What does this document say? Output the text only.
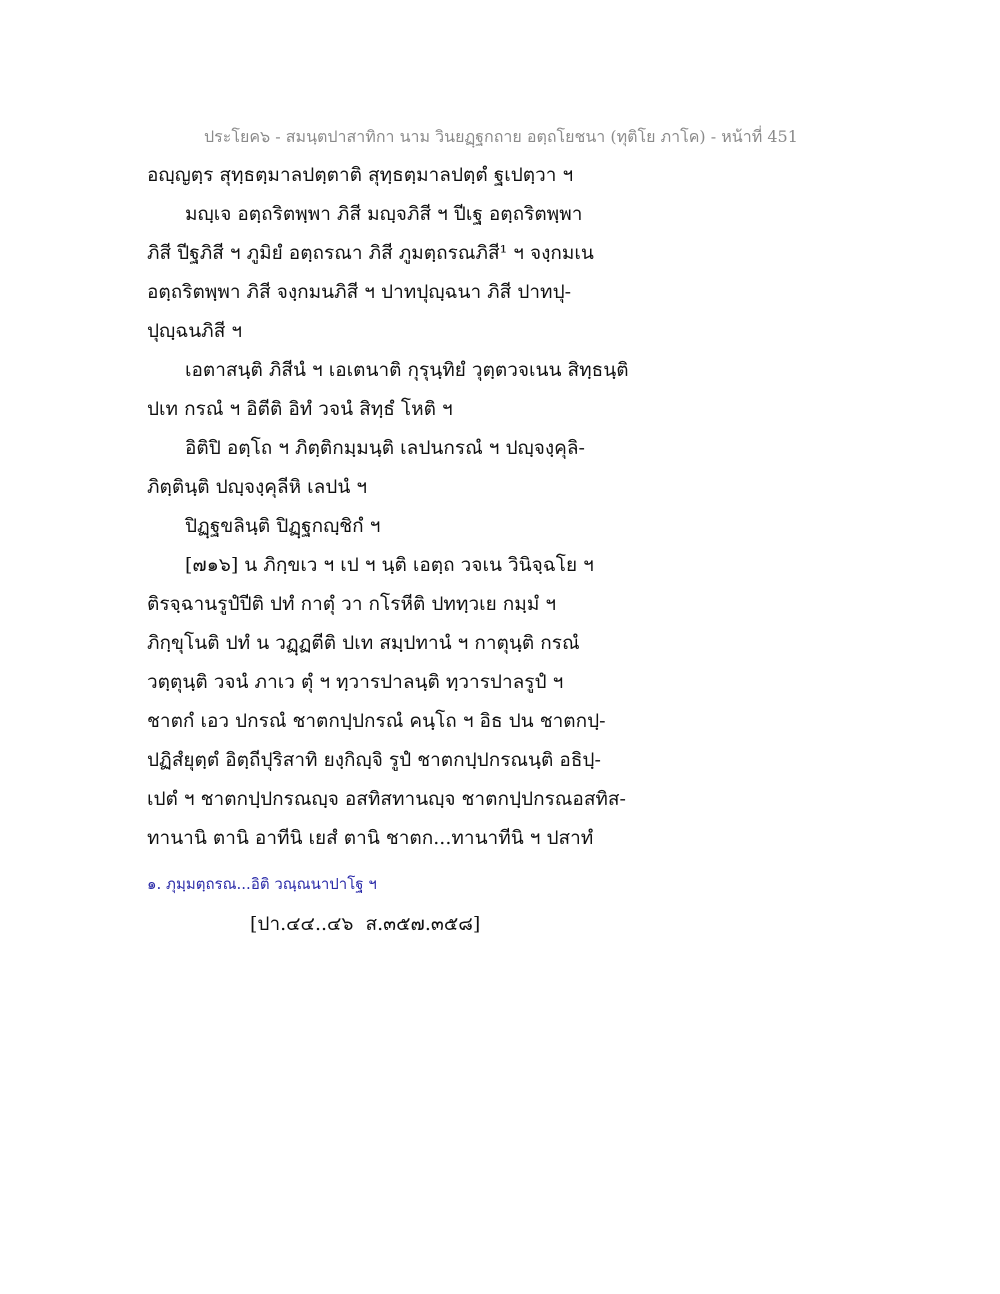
ประโยค๖ - สมนฺตปาสาทิกา นาม วินยฏฺฐกถาย อตฺถโยชนา (ทุติโย ภาโค) - หน้าที่ 451
อญฺญตฺร สุทฺธตฺมาลปตฺตาติ สุทฺธตฺมาลปตฺตํ ฐเปตฺวา ฯ
มญฺเจ อตฺถริตพฺพา ภิสี มญฺจภิสี ฯ ปีเฐ อตฺถริตพฺพา
ภิสี ปีฐภิสี ฯ ภูมิยํ อตฺถรณา ภิสี ภูมตฺถรณภิสี¹ ฯ จงฺกมเน
อตฺถริตพฺพา ภิสี จงฺกมนภิสี ฯ ปาทปุญฺฉนา ภิสี ปาทปุ-
ปุญฺฉนภิสี ฯ
เอตาสนฺติ ภิสีนํ ฯ เอเตนาติ กุรุนฺทิยํ วุตฺตวจเนน สิทฺธนฺติ
ปเท กรณํ ฯ อิตีติ อิทํ วจนํ สิทฺธํ โหติ ฯ
อิติปิ อตฺโถ ฯ ภิตฺติกมฺมนฺติ เลปนกรณํ ฯ ปญฺจงฺคุลิ-
ภิตฺตินฺติ ปญฺจงฺคุลีหิ เลปนํ ฯ
ปิฏฺฐขลินฺติ ปิฏฺฐกญฺชิกํ ฯ
[๗๑๖] น ภิกฺขเว ฯ เป ฯ นฺติ เอตฺถ วจเน วินิจฺฉโย ฯ
ติรจฺฉานรูปํปีติ ปทํ กาตุํ วา กโรหีติ ปททฺวเย กมฺมํ ฯ
ภิกฺขุโนติ ปทํ น วฏฺฏตีติ ปเท สมฺปทานํ ฯ กาตุนฺติ กรณํ
วตฺตุนฺติ วจนํ ภาเว ตุํ ฯ ทฺวารปาลนฺติ ทฺวารปาลรูปํ ฯ
ชาตกํ เอว ปกรณํ ชาตกปฺปกรณํ คนฺโถ ฯ อิธ ปน ชาตกปฺ-
ปฏิสํยุตฺตํ อิตฺถีปุริสาทิ ยงฺกิญฺจิ รูปํ ชาตกปฺปกรณนฺติ อธิปฺ-
เปตํ ฯ ชาตกปฺปกรณญฺจ อสทิสทานญฺจ ชาตกปฺปกรณอสทิส-
ทานานิ ตานิ อาทีนิ เยสํ ตานิ ชาตก...ทานาทีนิ ฯ ปสาทํ
๑. ภุมฺมตฺถรณ...อิติ วณฺณนาปาโฐ ฯ
[ปา.๔๔..๔๖  ส.๓๕๗.๓๕๘]
